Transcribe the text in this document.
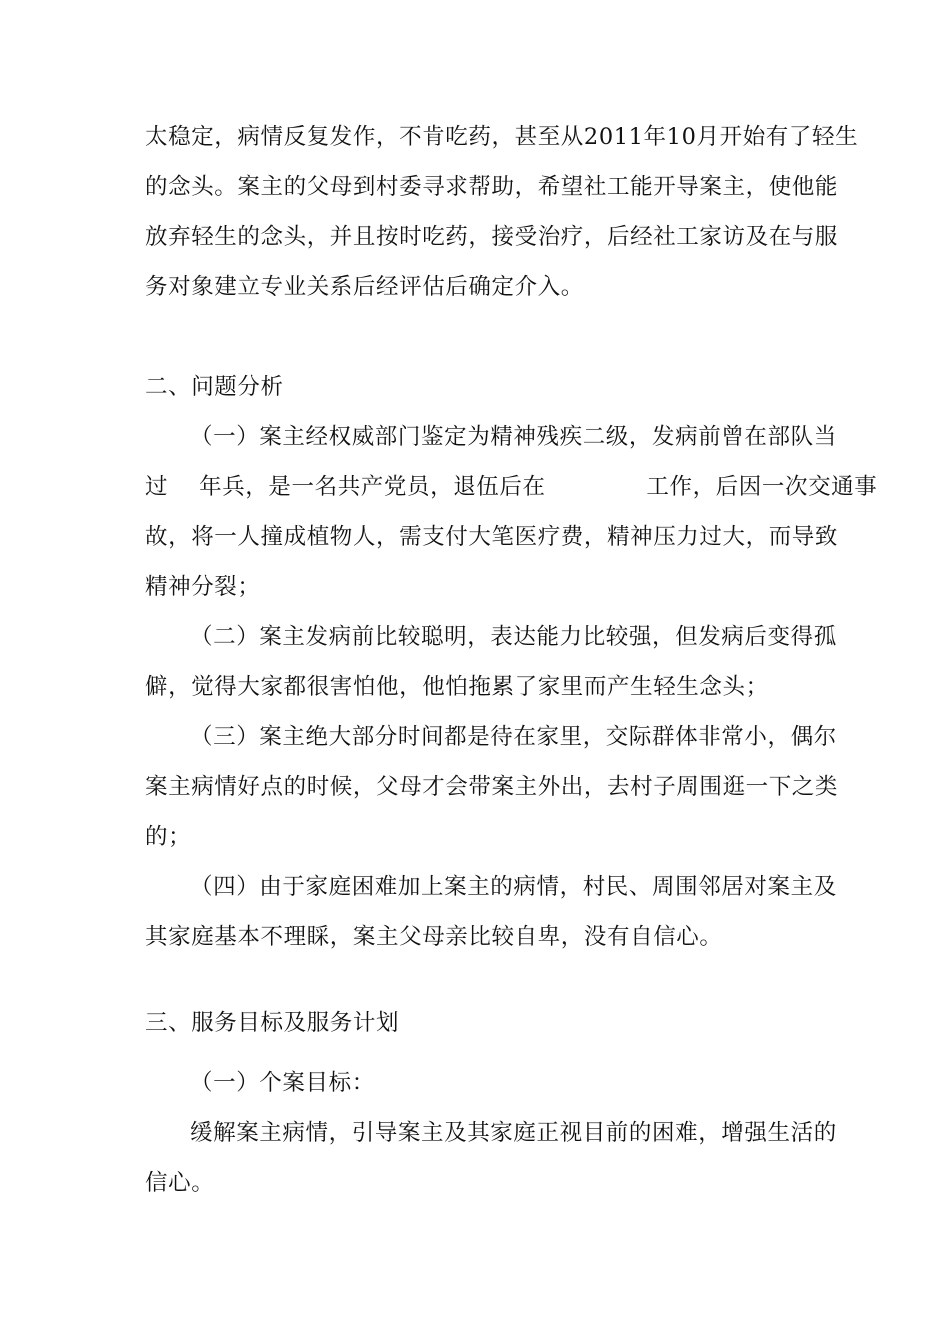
太稳定，病情反复发作，不肯吃药，甚至从2011年10月开始有了轻生
的念头。案主的父母到村委寻求帮助，希望社工能开导案主，使他能
放弃轻生的念头，并且按时吃药，接受治疗，后经社工家访及在与服
务对象建立专业关系后经评估后确定介入。
二、问题分析
（一）案主经权威部门鉴定为精神残疾二级，发病前曾在部队当
过    年兵，是一名共产党员，退伍后在             工作，后因一次交通事
故，将一人撞成植物人，需支付大笔医疗费，精神压力过大，而导致
精神分裂；
（二）案主发病前比较聪明，表达能力比较强，但发病后变得孤
僻，觉得大家都很害怕他，他怕拖累了家里而产生轻生念头；
（三）案主绝大部分时间都是待在家里，交际群体非常小，偶尔
案主病情好点的时候，父母才会带案主外出，去村子周围逛一下之类
的；
（四）由于家庭困难加上案主的病情，村民、周围邻居对案主及
其家庭基本不理睬，案主父母亲比较自卑，没有自信心。
三、服务目标及服务计划
（一）个案目标：
缓解案主病情，引导案主及其家庭正视目前的困难，增强生活的
信心。
